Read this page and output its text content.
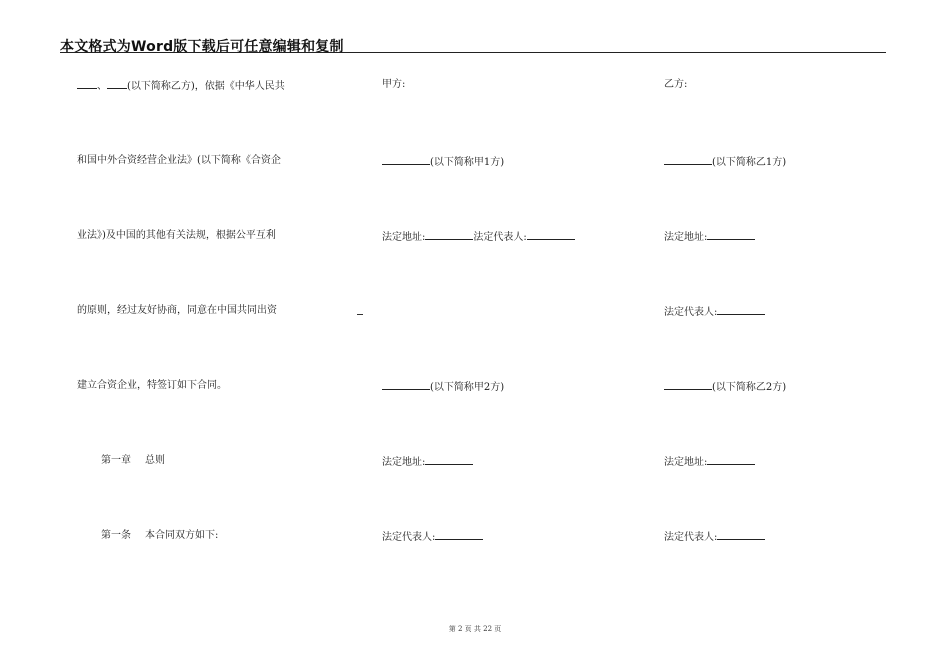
本文格式为Word版下载后可任意编辑和复制
、 (以下简称乙方)，依据《中华人民共
和国中外合资经营企业法》(以下简称《合资企
业法》)及中国的其他有关法规，根据公平互利
的原则，经过友好协商，同意在中国共同出资
建立合资企业，特签订如下合同。
第一章 总则
第一条 本合同双方如下:
甲方:
(以下简称甲1方)
法定地址:	法定代表人:
(以下简称甲2方)
法定地址:
法定代表人:
乙方:
(以下简称乙1方)
法定地址:
法定代表人:
(以下简称乙2方)
法定地址:
法定代表人:
第 2 页 共 22 页
